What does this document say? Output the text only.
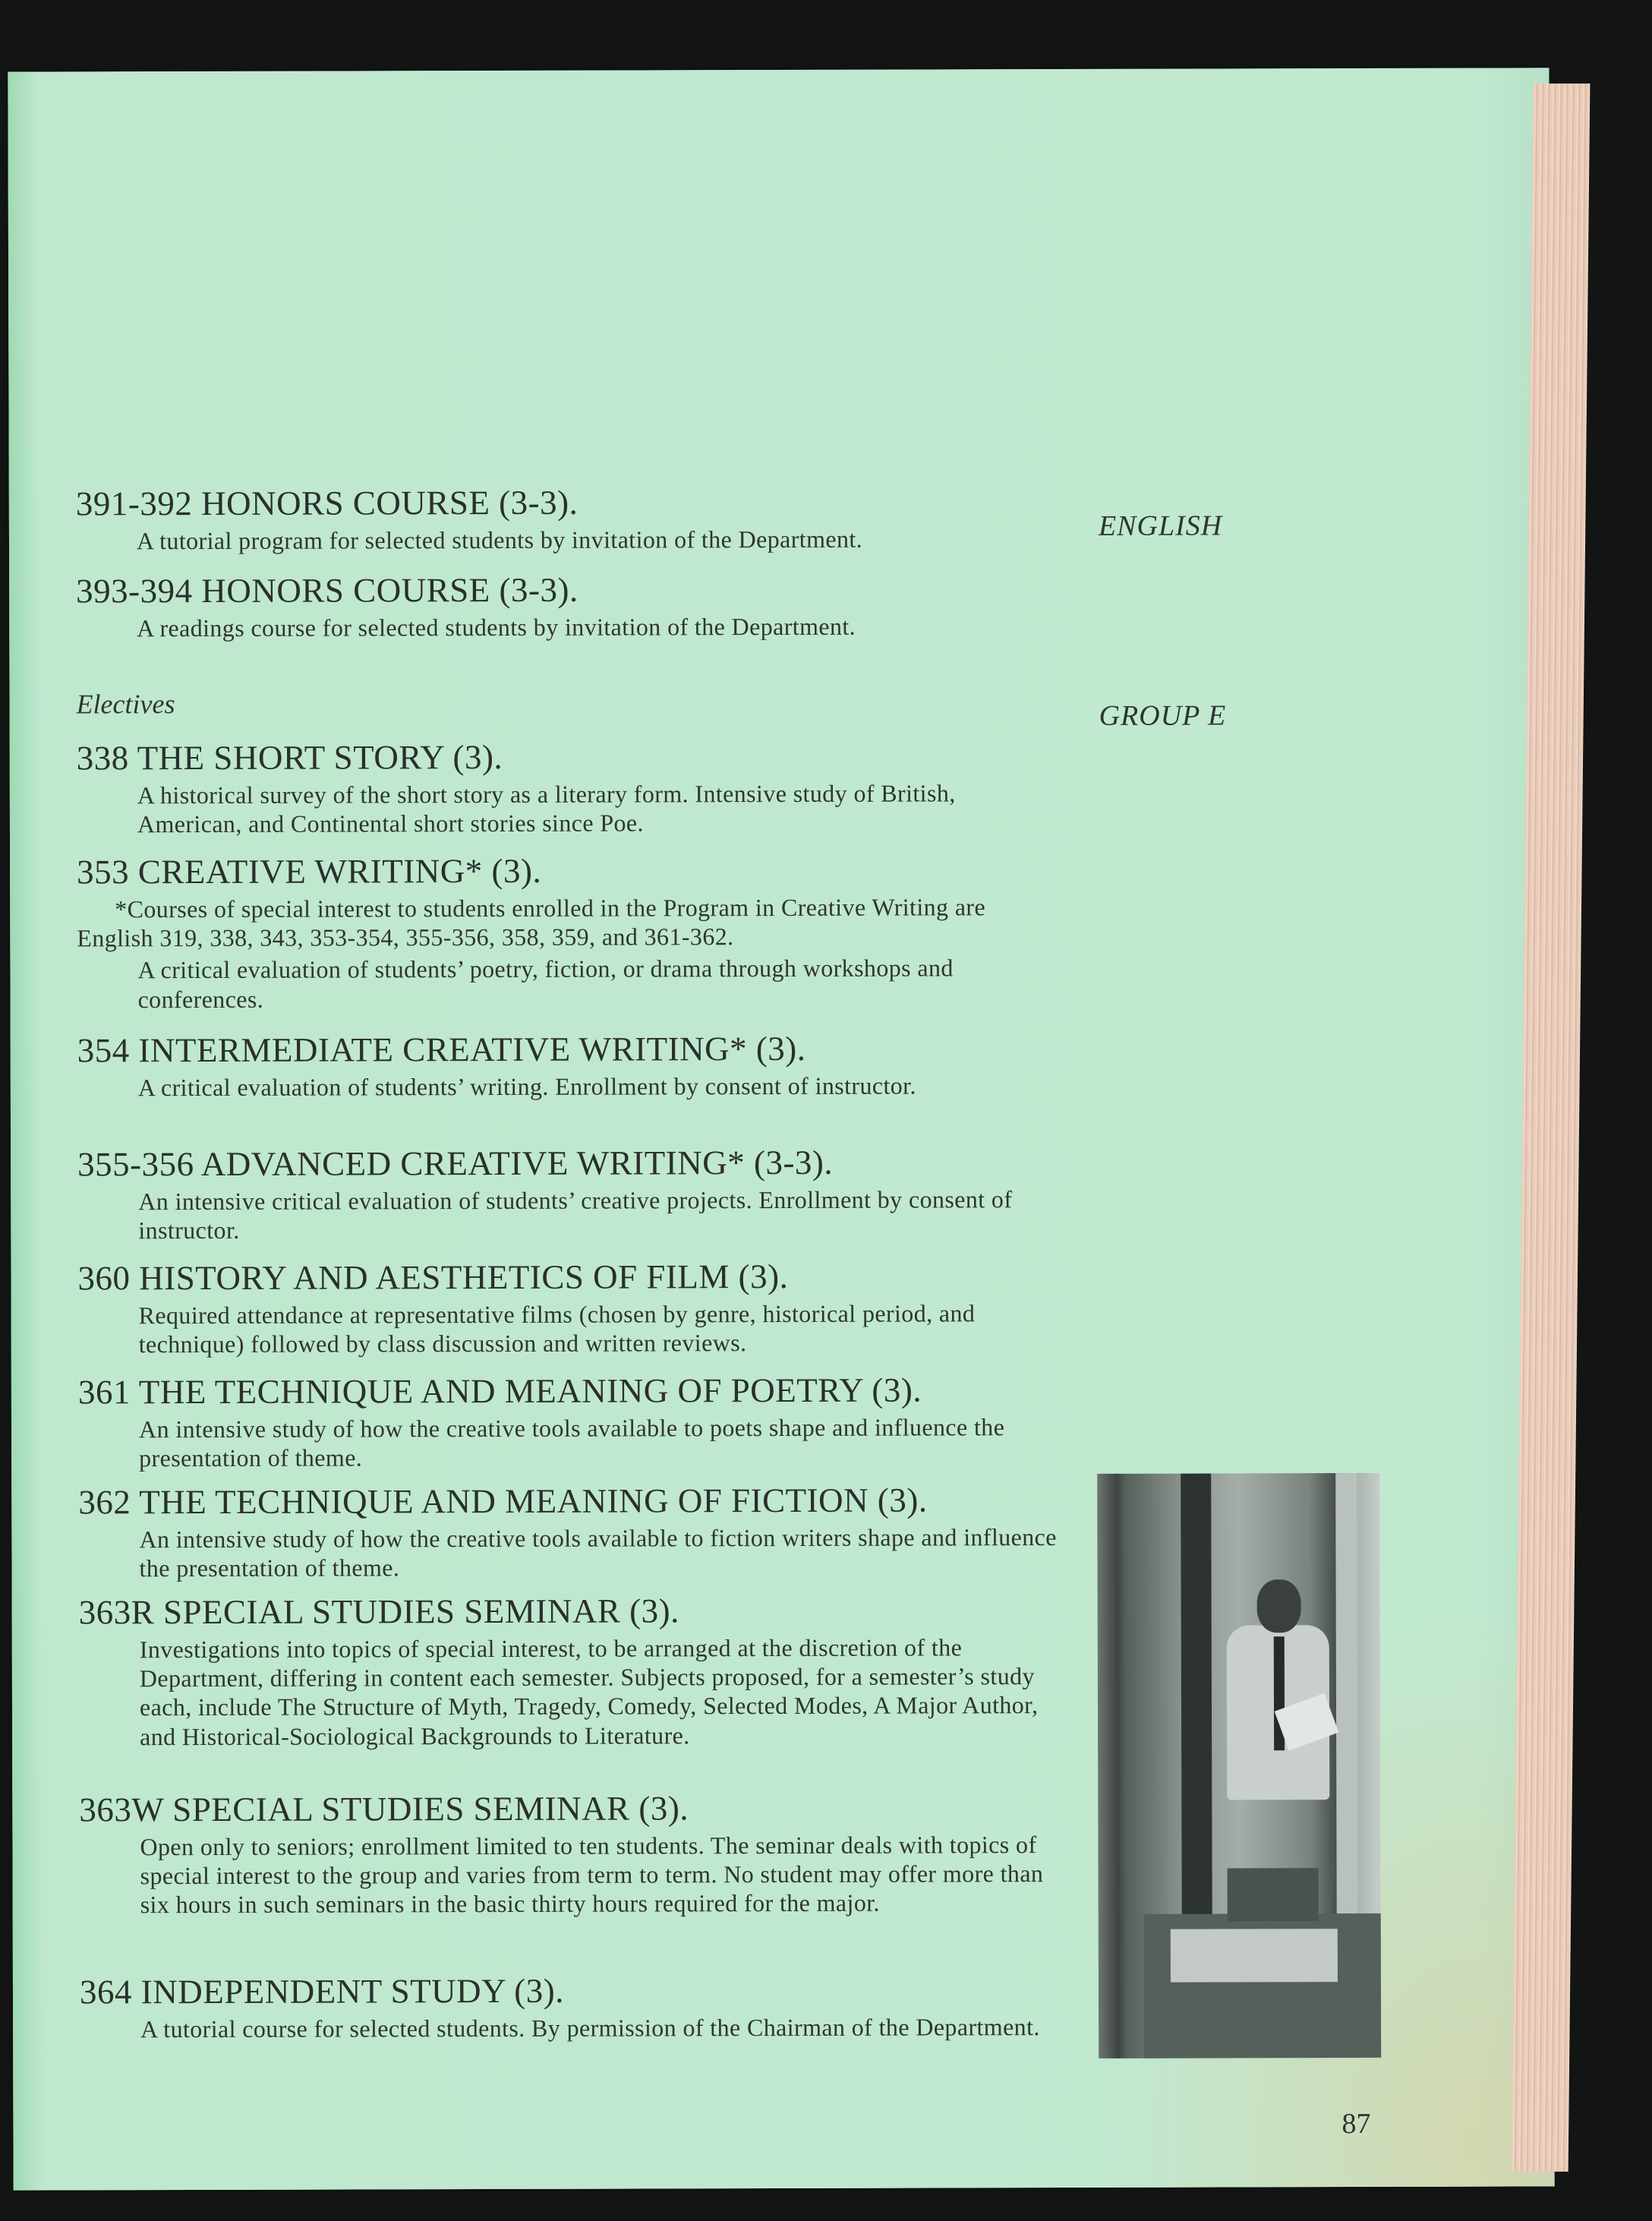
ENGLISH
GROUP E
391-392 HONORS COURSE (3-3).
A tutorial program for selected students by invitation of the Department.
393-394 HONORS COURSE (3-3).
A readings course for selected students by invitation of the Department.
Electives
338 THE SHORT STORY (3).
A historical survey of the short story as a literary form. Intensive study of British, American, and Continental short stories since Poe.
353 CREATIVE WRITING* (3).
*Courses of special interest to students enrolled in the Program in Creative Writing are English 319, 338, 343, 353-354, 355-356, 358, 359, and 361-362.
A critical evaluation of students’ poetry, fiction, or drama through workshops and conferences.
354 INTERMEDIATE CREATIVE WRITING* (3).
A critical evaluation of students’ writing. Enrollment by consent of instructor.
355-356 ADVANCED CREATIVE WRITING* (3-3).
An intensive critical evaluation of students’ creative projects. Enrollment by consent of instructor.
360 HISTORY AND AESTHETICS OF FILM (3).
Required attendance at representative films (chosen by genre, historical period, and technique) followed by class discussion and written reviews.
361 THE TECHNIQUE AND MEANING OF POETRY (3).
An intensive study of how the creative tools available to poets shape and influence the presentation of theme.
362 THE TECHNIQUE AND MEANING OF FICTION (3).
An intensive study of how the creative tools available to fiction writers shape and influence the presentation of theme.
363R SPECIAL STUDIES SEMINAR (3).
Investigations into topics of special interest, to be arranged at the discretion of the Department, differing in content each semester. Subjects proposed, for a semester’s study each, include The Structure of Myth, Tragedy, Comedy, Selected Modes, A Major Author, and Historical-Sociological Backgrounds to Literature.
363W SPECIAL STUDIES SEMINAR (3).
Open only to seniors; enrollment limited to ten students. The seminar deals with topics of special interest to the group and varies from term to term. No student may offer more than six hours in such seminars in the basic thirty hours required for the major.
364 INDEPENDENT STUDY (3).
A tutorial course for selected students. By permission of the Chairman of the Department.
87
